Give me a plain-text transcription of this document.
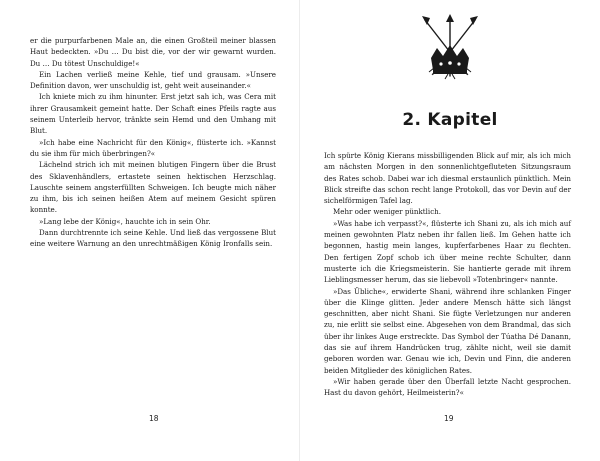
er die purpurfarbenen Male an, die einen Großteil meiner blassen Haut bedeckten. »Du … Du bist die, vor der wir gewarnt wurden. Du … Du tötest Unschuldige!«

Ein Lachen verließ meine Kehle, tief und grausam. »Unsere Definition davon, wer unschuldig ist, geht weit auseinander.«

Ich kniete mich zu ihm hinunter. Erst jetzt sah ich, was Cera mit ihrer Grausamkeit gemeint hatte. Der Schaft eines Pfeils ragte aus seinem Unterleib hervor, tränkte sein Hemd und den Umhang mit Blut.

»Ich habe eine Nachricht für den König«, flüsterte ich. »Kannst du sie ihm für mich überbringen?«

Lächelnd strich ich mit meinen blutigen Fingern über die Brust des Sklavenhändlers, ertastete seinen hektischen Herzschlag. Lauschte seinem angsterfüllten Schweigen. Ich beugte mich näher zu ihm, bis ich seinen heißen Atem auf meinem Gesicht spüren konnte.

»Lang lebe der König«, hauchte ich in sein Ohr.

Dann durchtrennte ich seine Kehle. Und ließ das vergossene Blut eine weitere Warnung an den unrechtmäßigen König Ironfalls sein.

18
2. Kapitel

Ich spürte König Kierans missbilligenden Blick auf mir, als ich mich am nächsten Morgen in den sonnenlichtgefluteten Sitzungsraum des Rates schob. Dabei war ich diesmal erstaunlich pünktlich. Mein Blick streifte das schon recht lange Protokoll, das vor Devin auf der sichelförmigen Tafel lag.

Mehr oder weniger pünktlich.

»Was habe ich verpasst?«, flüsterte ich Shani zu, als ich mich auf meinen gewohnten Platz neben ihr fallen ließ. Im Gehen hatte ich begonnen, hastig mein langes, kupferfarbenes Haar zu flechten. Den fertigen Zopf schob ich über meine rechte Schulter, dann musterte ich die Kriegsmeisterin. Sie hantierte gerade mit ihrem Lieblingsmesser herum, das sie liebevoll »Totenbringer« nannte.

»Das Übliche«, erwiderte Shani, während ihre schlanken Finger über die Klinge glitten. Jeder andere Mensch hätte sich längst geschnitten, aber nicht Shani. Sie fügte Verletzungen nur anderen zu, nie erlitt sie selbst eine. Abgesehen von dem Brandmal, das sich über ihr linkes Auge erstreckte. Das Symbol der Túatha Dé Danann, das sie auf ihrem Handrücken trug, zählte nicht, weil sie damit geboren worden war. Genau wie ich, Devin und Finn, die anderen beiden Mitglieder des königlichen Rates.

»Wir haben gerade über den Überfall letzte Nacht gesprochen. Hast du davon gehört, Heilmeisterin?«

19
